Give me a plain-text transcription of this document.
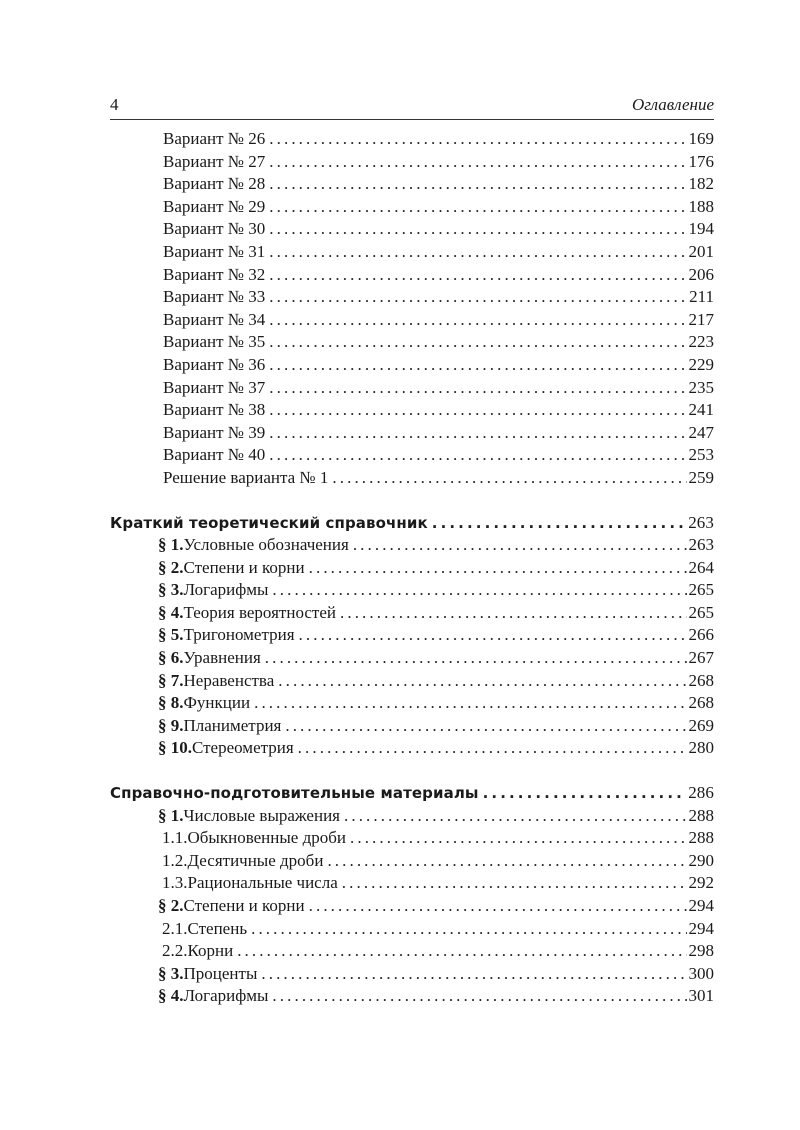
4	Оглавление
Вариант № 26 .....	169
Вариант № 27 .....	176
Вариант № 28 .....	182
Вариант № 29 .....	188
Вариант № 30 .....	194
Вариант № 31 .....	201
Вариант № 32 .....	206
Вариант № 33 .....	211
Вариант № 34 .....	217
Вариант № 35 .....	223
Вариант № 36 .....	229
Вариант № 37 .....	235
Вариант № 38 .....	241
Вариант № 39 .....	247
Вариант № 40 .....	253
Решение варианта № 1 .....	259
Краткий теоретический справочник .....	263
§ 1. Условные обозначения .....	263
§ 2. Степени и корни .....	264
§ 3. Логарифмы .....	265
§ 4. Теория вероятностей .....	265
§ 5. Тригонометрия .....	266
§ 6. Уравнения .....	267
§ 7. Неравенства .....	268
§ 8. Функции .....	268
§ 9. Планиметрия .....	269
§ 10. Стереометрия .....	280
Справочно-подготовительные материалы .....	286
§ 1. Числовые выражения .....	288
1.1. Обыкновенные дроби .....	288
1.2. Десятичные дроби .....	290
1.3. Рациональные числа .....	292
§ 2. Степени и корни .....	294
2.1. Степень .....	294
2.2. Корни .....	298
§ 3. Проценты .....	300
§ 4. Логарифмы .....	301
